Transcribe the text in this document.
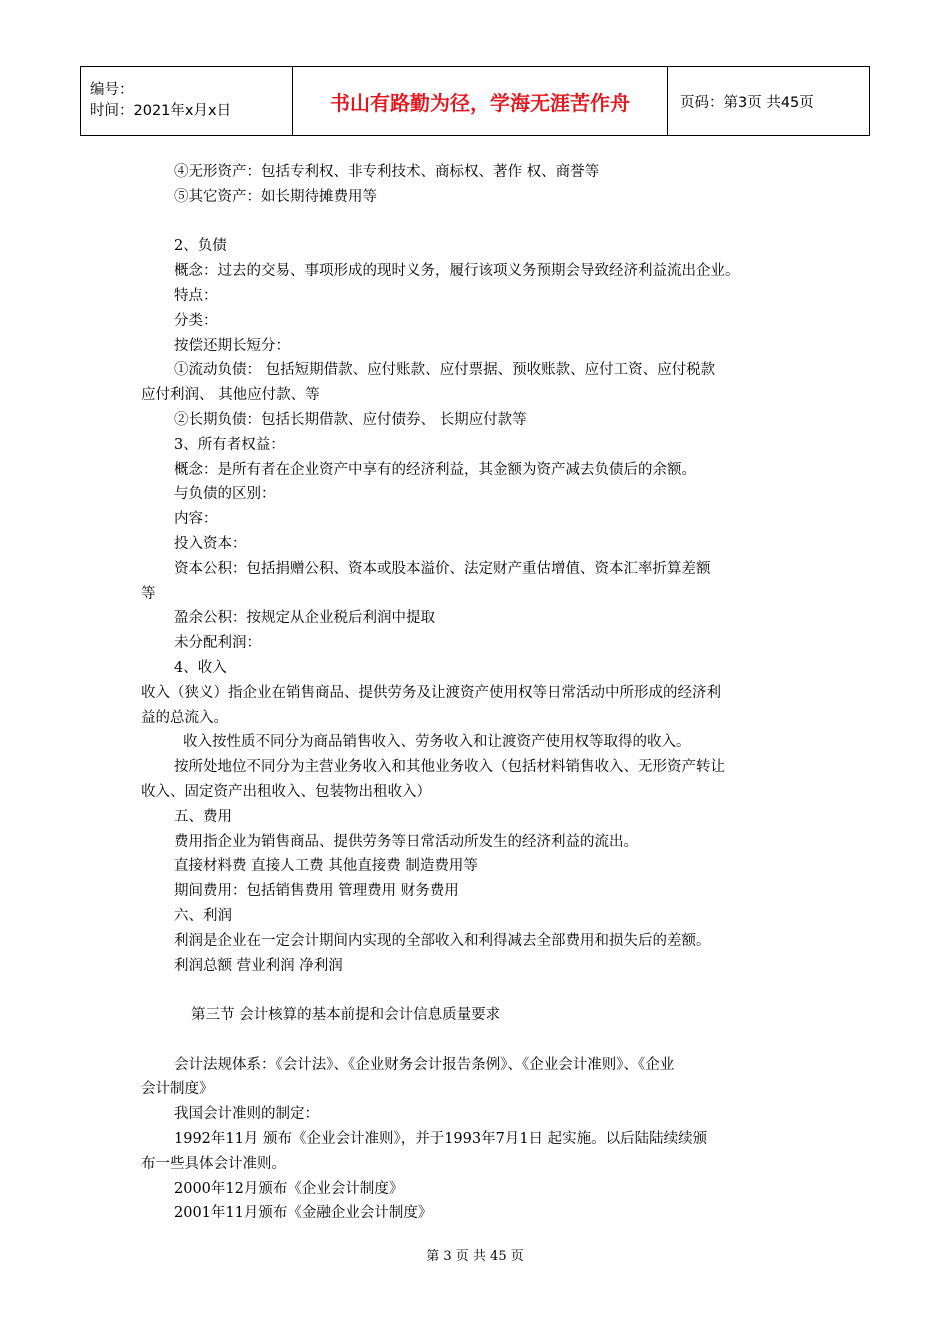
编号：
时间：2021年x月x日	书山有路勤为径，学海无涯苦作舟	页码：第3页 共45页

④无形资产：包括专利权、非专利技术、商标权、著作 权、商誉等

⑤其它资产：如长期待摊费用等

2、负债

概念：过去的交易、事项形成的现时义务，履行该项义务预期会导致经济利益流出企业。

特点：

分类：

按偿还期长短分：

①流动负债： 包括短期借款、应付账款、应付票据、预收账款、应付工资、应付税款

应付利润、 其他应付款、等

②长期负债：包括长期借款、应付债券、 长期应付款等

3、所有者权益：

概念：是所有者在企业资产中享有的经济利益，其金额为资产减去负债后的余额。

与负债的区别：

内容：

投入资本：

资本公积：包括捐赠公积、资本或股本溢价、法定财产重估增值、资本汇率折算差额

等

盈余公积：按规定从企业税后利润中提取

未分配利润：

4、收入

收入（狭义）指企业在销售商品、提供劳务及让渡资产使用权等日常活动中所形成的经济利

益的总流入。

收入按性质不同分为商品销售收入、劳务收入和让渡资产使用权等取得的收入。

按所处地位不同分为主营业务收入和其他业务收入（包括材料销售收入、无形资产转让

收入、固定资产出租收入、包装物出租收入）

五、费用

费用指企业为销售商品、提供劳务等日常活动所发生的经济利益的流出。

直接材料费 直接人工费 其他直接费 制造费用等

期间费用：包括销售费用 管理费用 财务费用

六、利润

利润是企业在一定会计期间内实现的全部收入和利得减去全部费用和损失后的差额。

利润总额 营业利润 净利润

第三节 会计核算的基本前提和会计信息质量要求

会计法规体系：《会计法》、《企业财务会计报告条例》、《企业会计准则》、《企业

会计制度》

我国会计准则的制定：

1992年11月 颁布《企业会计准则》，并于1993年7月1日 起实施。以后陆陆续续颁

布一些具体会计准则。

2000年12月颁布《企业会计制度》

2001年11月颁布《金融企业会计制度》

第 3 页 共 45 页
